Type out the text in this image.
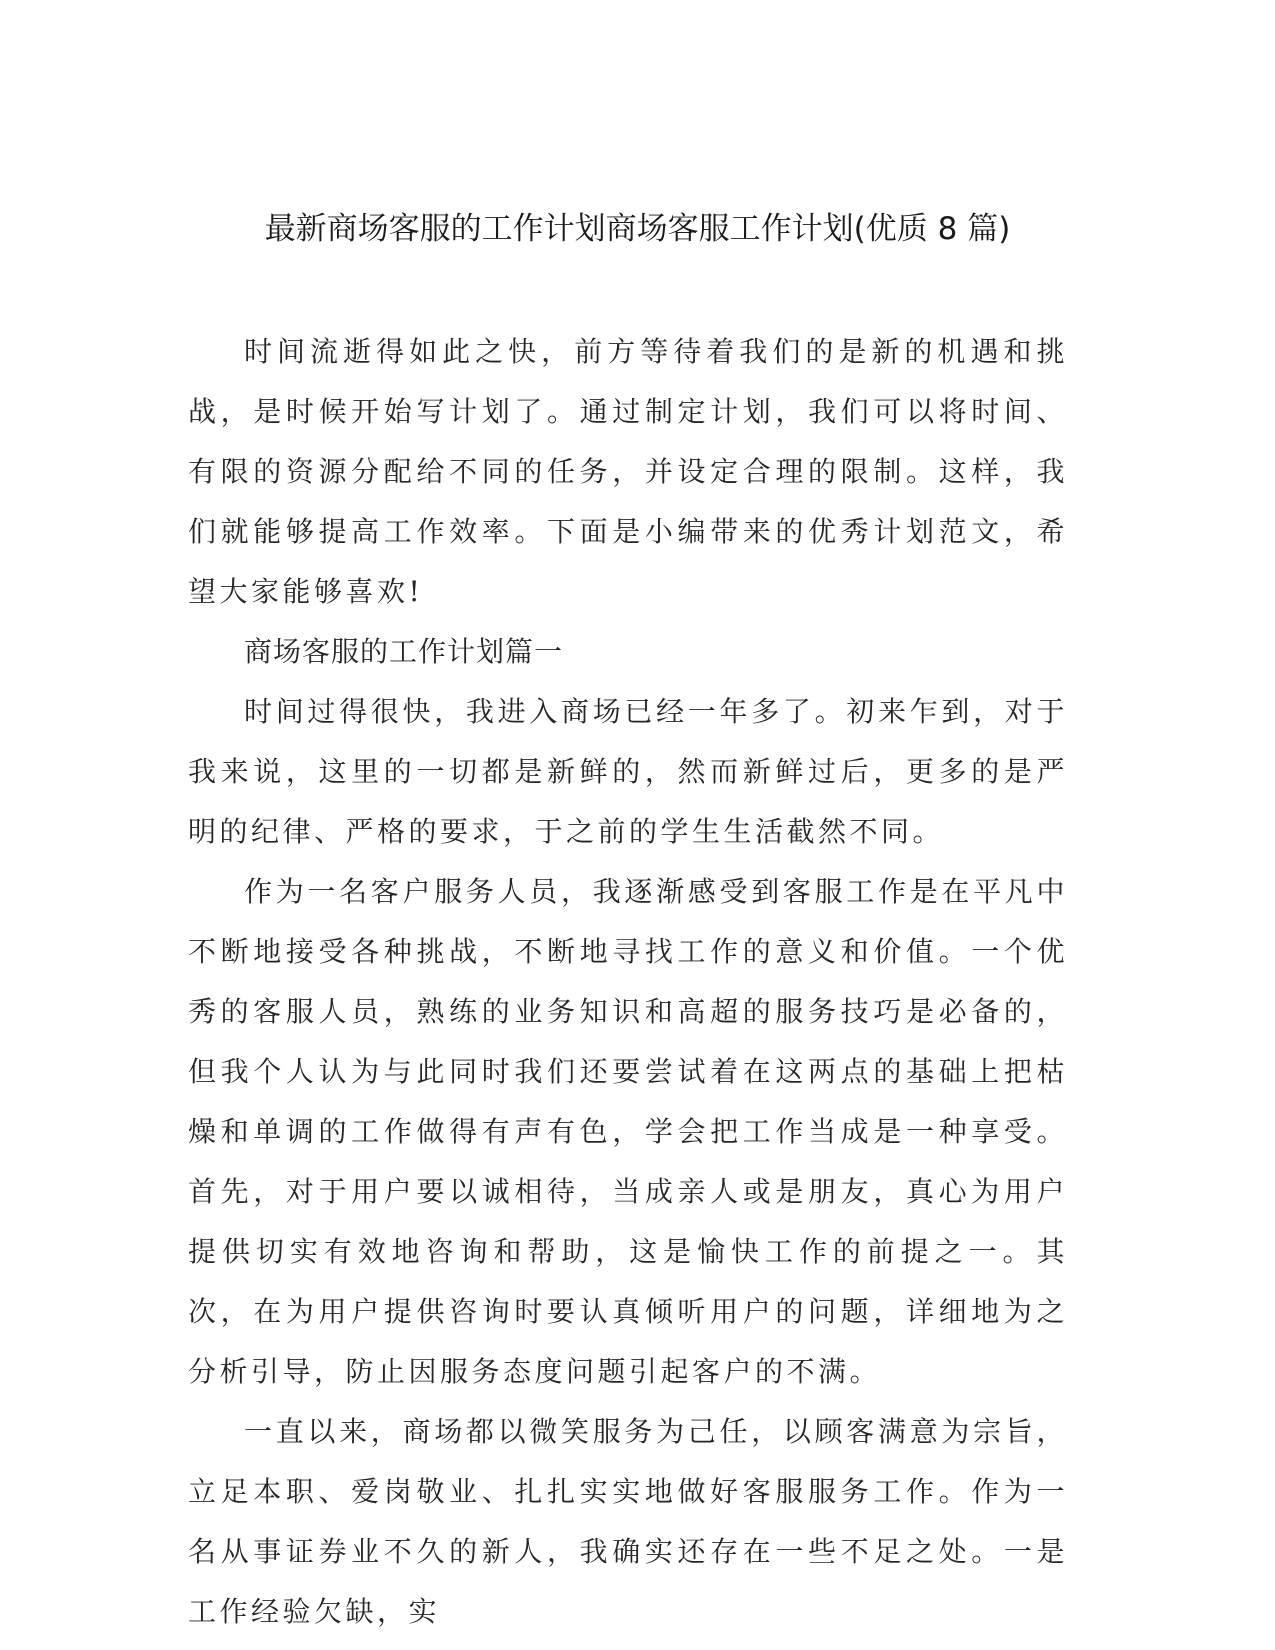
最新商场客服的工作计划商场客服工作计划(优质 8 篇)

时间流逝得如此之快，前方等待着我们的是新的机遇和挑战，是时候开始写计划了。通过制定计划，我们可以将时间、有限的资源分配给不同的任务，并设定合理的限制。这样，我们就能够提高工作效率。下面是小编带来的优秀计划范文，希望大家能够喜欢!

商场客服的工作计划篇一

时间过得很快，我进入商场已经一年多了。初来乍到，对于我来说，这里的一切都是新鲜的，然而新鲜过后，更多的是严明的纪律、严格的要求，于之前的学生生活截然不同。

作为一名客户服务人员，我逐渐感受到客服工作是在平凡中不断地接受各种挑战，不断地寻找工作的意义和价值。一个优秀的客服人员，熟练的业务知识和高超的服务技巧是必备的，但我个人认为与此同时我们还要尝试着在这两点的基础上把枯燥和单调的工作做得有声有色，学会把工作当成是一种享受。首先，对于用户要以诚相待，当成亲人或是朋友，真心为用户提供切实有效地咨询和帮助，这是愉快工作的前提之一。其次，在为用户提供咨询时要认真倾听用户的问题，详细地为之分析引导，防止因服务态度问题引起客户的不满。

一直以来，商场都以微笑服务为己任，以顾客满意为宗旨，立足本职、爱岗敬业、扎扎实实地做好客服服务工作。作为一名从事证券业不久的新人，我确实还存在一些不足之处。一是工作经验欠缺，实
